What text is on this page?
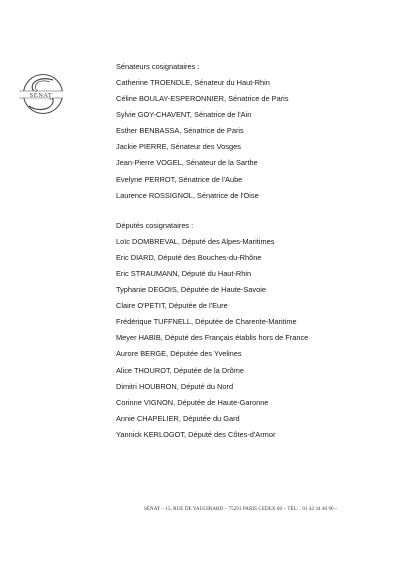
SÉNAT
Sénateurs cosignataires :
Catherine TROENDLE, Sénateur du Haut-Rhin
Céline BOULAY-ESPERONNIER, Sénatrice de Paris
Sylvie GOY-CHAVENT, Sénatrice de l'Ain
Esther BENBASSA, Sénatrice de Paris
Jackie PIERRE, Sénateur des Vosges
Jean-Pierre VOGEL, Sénateur de la Sarthe
Evelyne PERROT, Sénatrice de l'Aube
Laurence ROSSIGNOL, Sénatrice de l'Oise
Députés cosignataires :
Loïc DOMBREVAL, Député des Alpes-Maritimes
Eric DIARD, Député des Bouches-du-Rhône
Eric STRAUMANN, Député du Haut-Rhin
Typhanie DEGOIS, Députée de Haute-Savoie
Claire O'PETIT, Députée de l'Eure
Frédérique TUFFNELL, Députée de Charente-Maritime
Meyer HABIB, Député des Français établis hors de France
Aurore BERGE, Députée des Yvelines
Alice THOUROT, Députée de la Drôme
Dimitri HOUBRON, Député du Nord
Corinne VIGNON, Députée de Haute-Garonne
Annie CHAPELIER, Députée du Gard
Yannick KERLOGOT, Député des Côtes-d'Armor
SÉNAT – 15, RUE DE VAUGIRARD – 75291 PARIS CEDEX 06 – TÉL. : 01 42 34 40 90 –
